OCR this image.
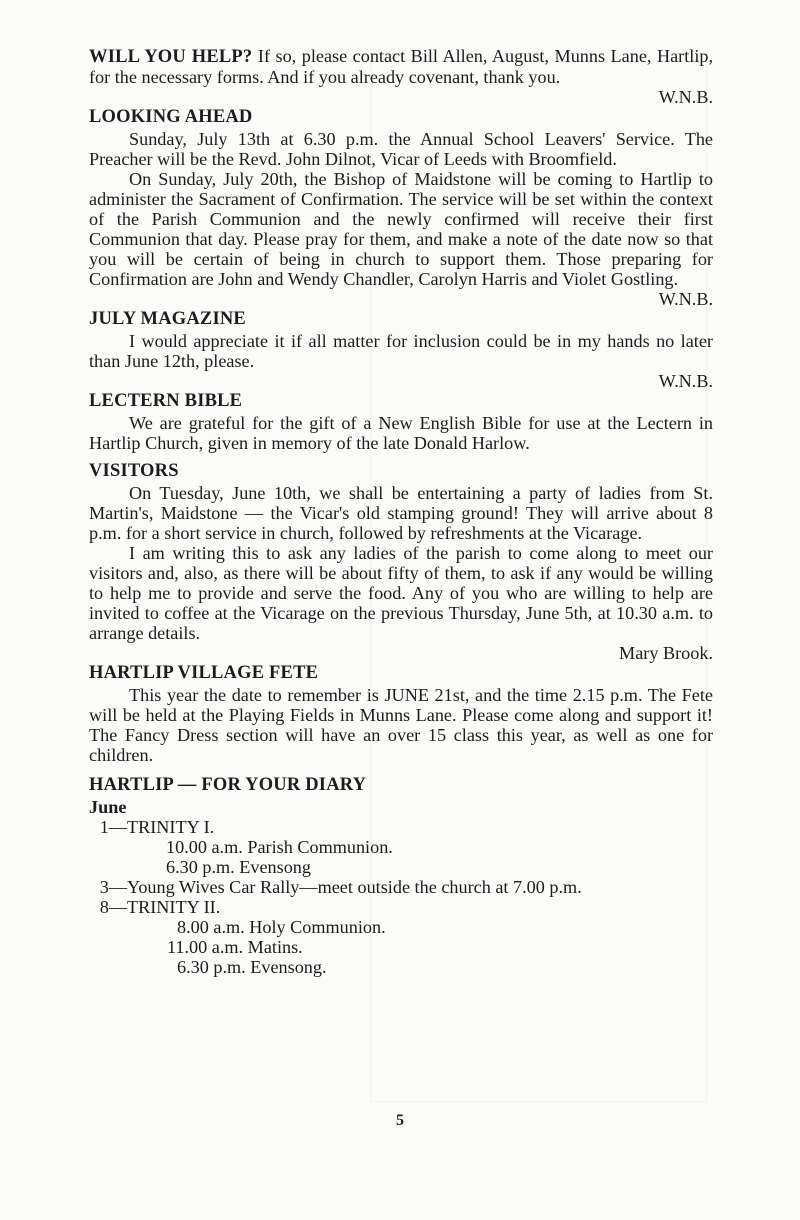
WILL YOU HELP? If so, please contact Bill Allen, August, Munns Lane, Hartlip, for the necessary forms. And if you already covenant, thank you.

W.N.B.

LOOKING AHEAD

Sunday, July 13th at 6.30 p.m. the Annual School Leavers' Service. The Preacher will be the Revd. John Dilnot, Vicar of Leeds with Broomfield.

On Sunday, July 20th, the Bishop of Maidstone will be coming to Hartlip to administer the Sacrament of Confirmation. The service will be set within the context of the Parish Communion and the newly confirmed will receive their first Communion that day. Please pray for them, and make a note of the date now so that you will be certain of being in church to support them. Those preparing for Confirmation are John and Wendy Chandler, Carolyn Harris and Violet Gostling.

W.N.B.

JULY MAGAZINE

I would appreciate it if all matter for inclusion could be in my hands no later than June 12th, please.

W.N.B.

LECTERN BIBLE

We are grateful for the gift of a New English Bible for use at the Lectern in Hartlip Church, given in memory of the late Donald Harlow.

VISITORS

On Tuesday, June 10th, we shall be entertaining a party of ladies from St. Martin's, Maidstone — the Vicar's old stamping ground! They will arrive about 8 p.m. for a short service in church, followed by refreshments at the Vicarage.

I am writing this to ask any ladies of the parish to come along to meet our visitors and, also, as there will be about fifty of them, to ask if any would be willing to help me to provide and serve the food. Any of you who are willing to help are invited to coffee at the Vicarage on the previous Thursday, June 5th, at 10.30 a.m. to arrange details.

Mary Brook.

HARTLIP VILLAGE FETE

This year the date to remember is JUNE 21st, and the time 2.15 p.m. The Fete will be held at the Playing Fields in Munns Lane. Please come along and support it! The Fancy Dress section will have an over 15 class this year, as well as one for children.

HARTLIP — FOR YOUR DIARY
June

1—TRINITY I.

10.00 a.m. Parish Communion.

6.30 p.m. Evensong

3—Young Wives Car Rally—meet outside the church at 7.00 p.m.

8—TRINITY II.

8.00 a.m. Holy Communion.

11.00 a.m. Matins.

6.30 p.m. Evensong.

5
